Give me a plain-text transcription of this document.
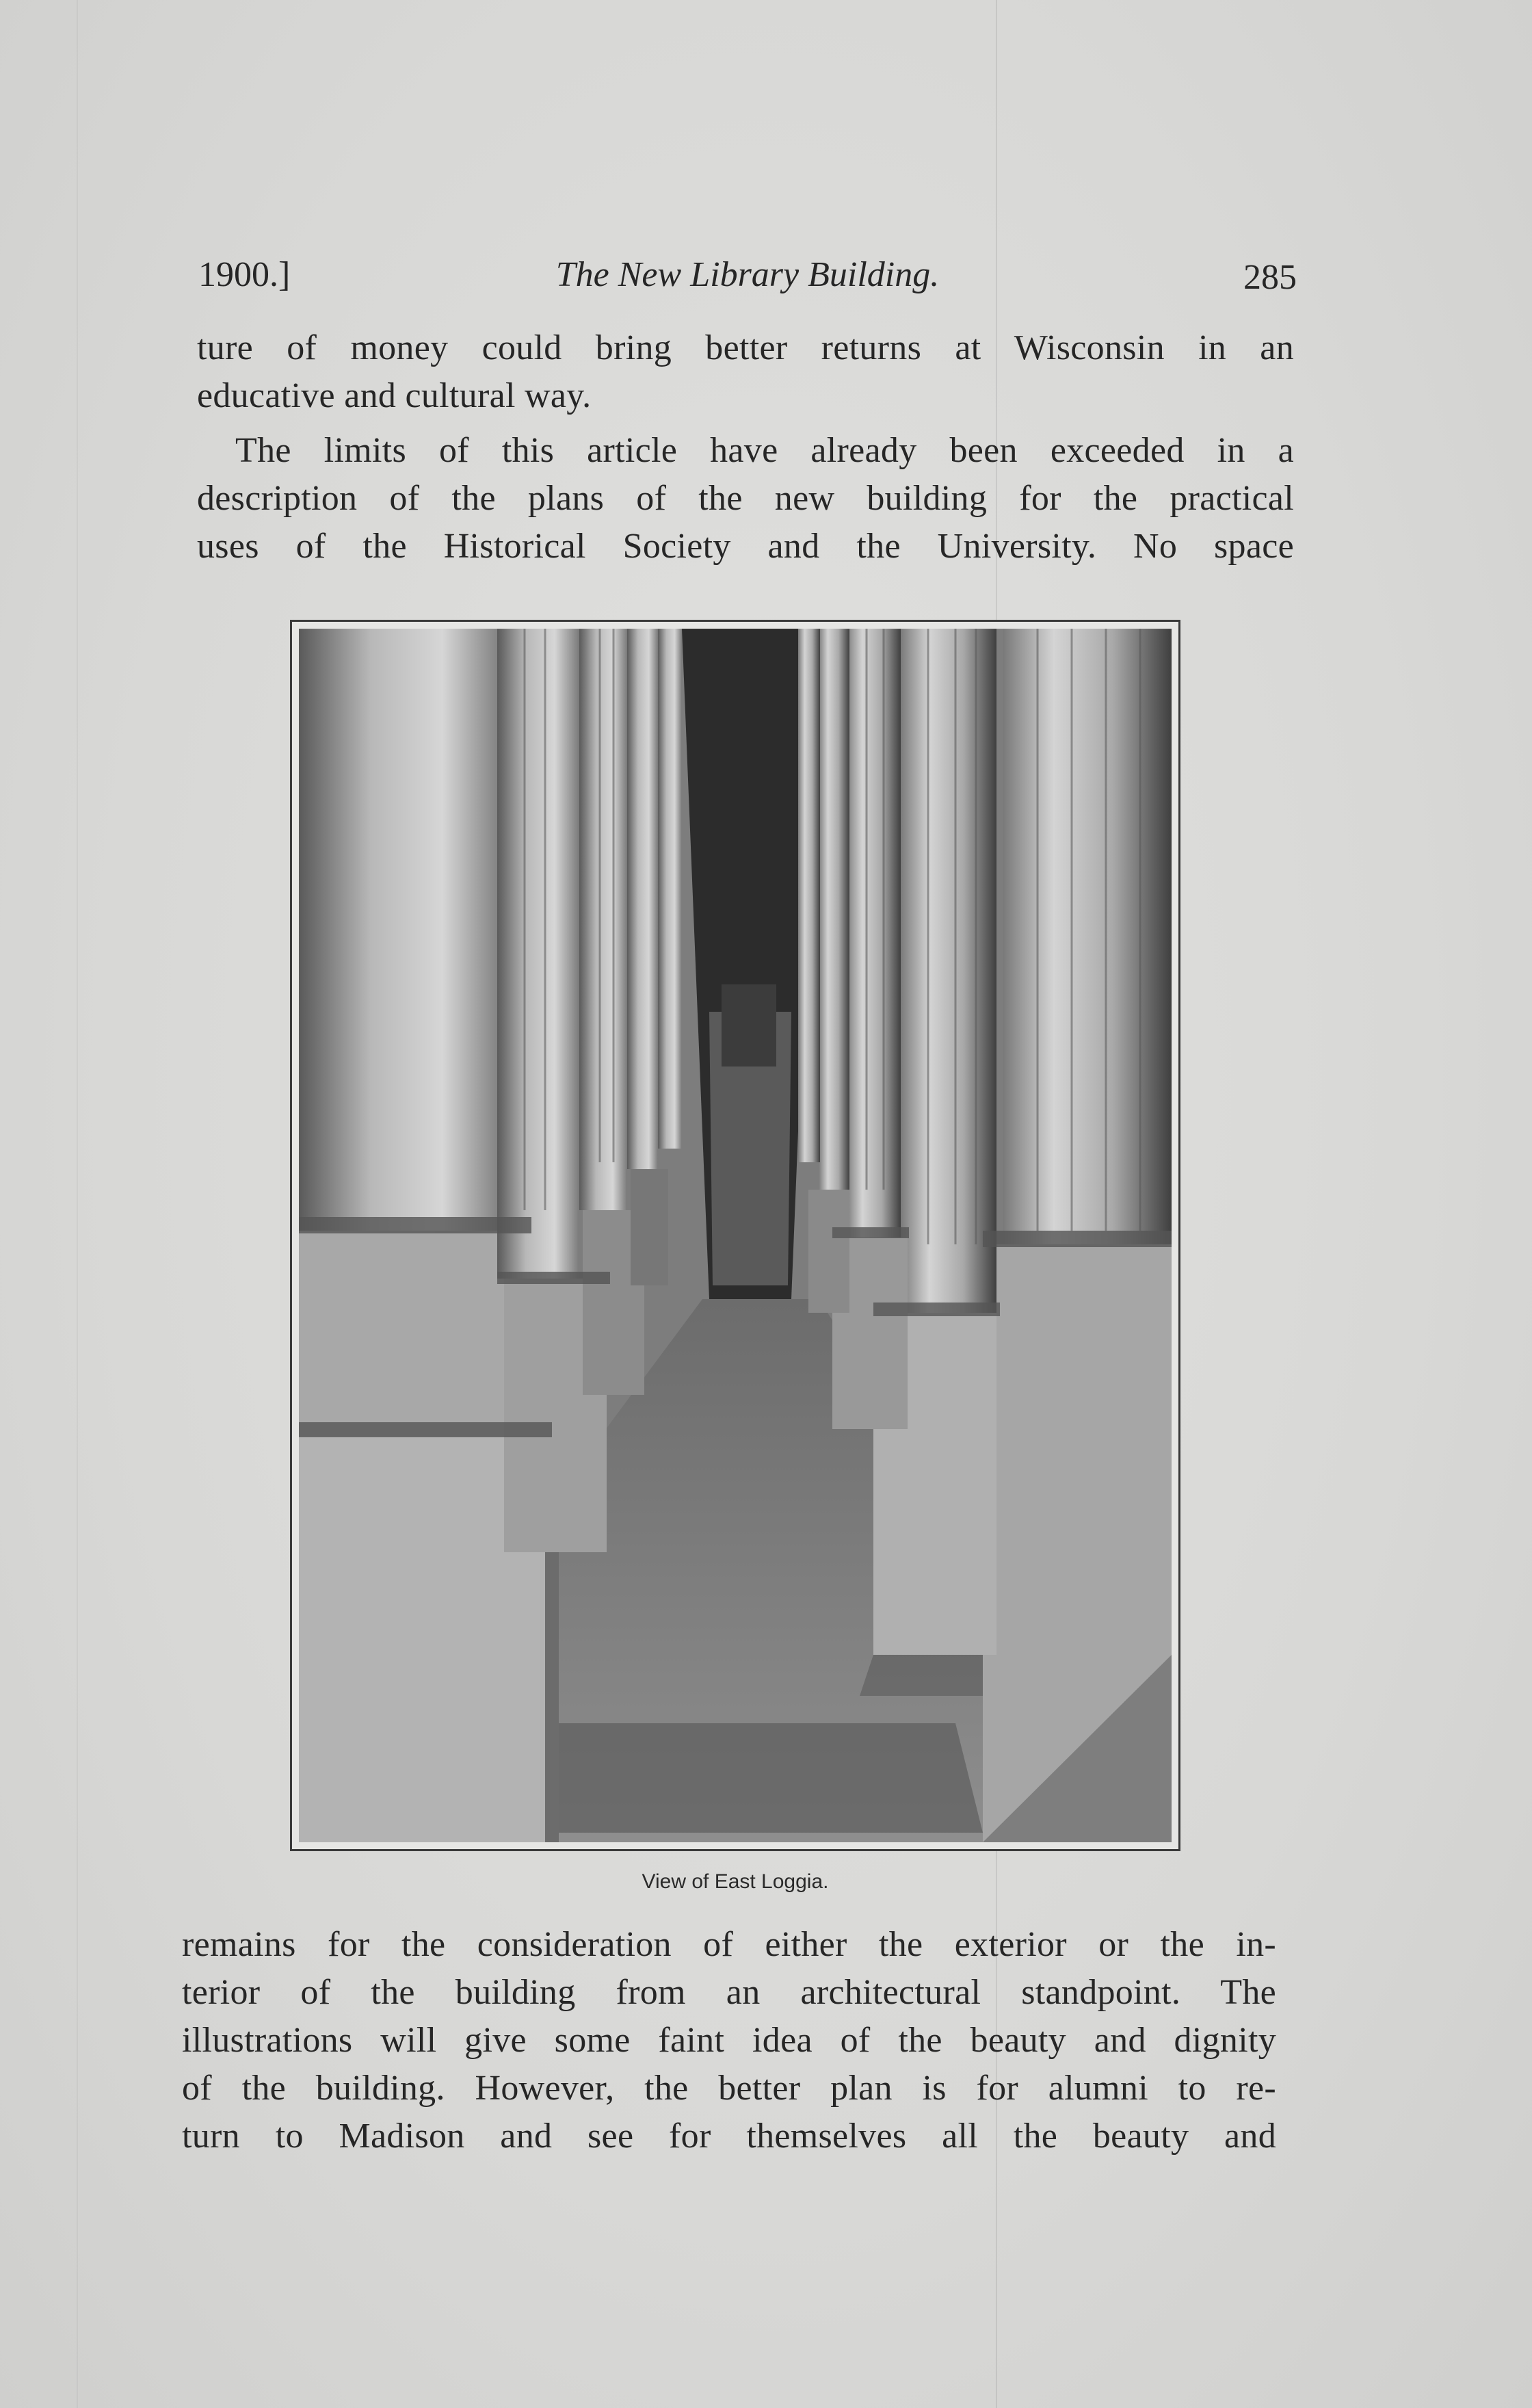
1900.]	The New Library Building.	285
ture of money could bring better returns at Wisconsin in an
educative and cultural way.
The limits of this article have already been exceeded in a
description of the plans of the new building for the practical
uses of the Historical Society and the University. No space
View of East Loggia.
remains for the consideration of either the exterior or the in-
terior of the building from an architectural standpoint. The
illustrations will give some faint idea of the beauty and dignity
of the building. However, the better plan is for alumni to re-
turn to Madison and see for themselves all the beauty and
